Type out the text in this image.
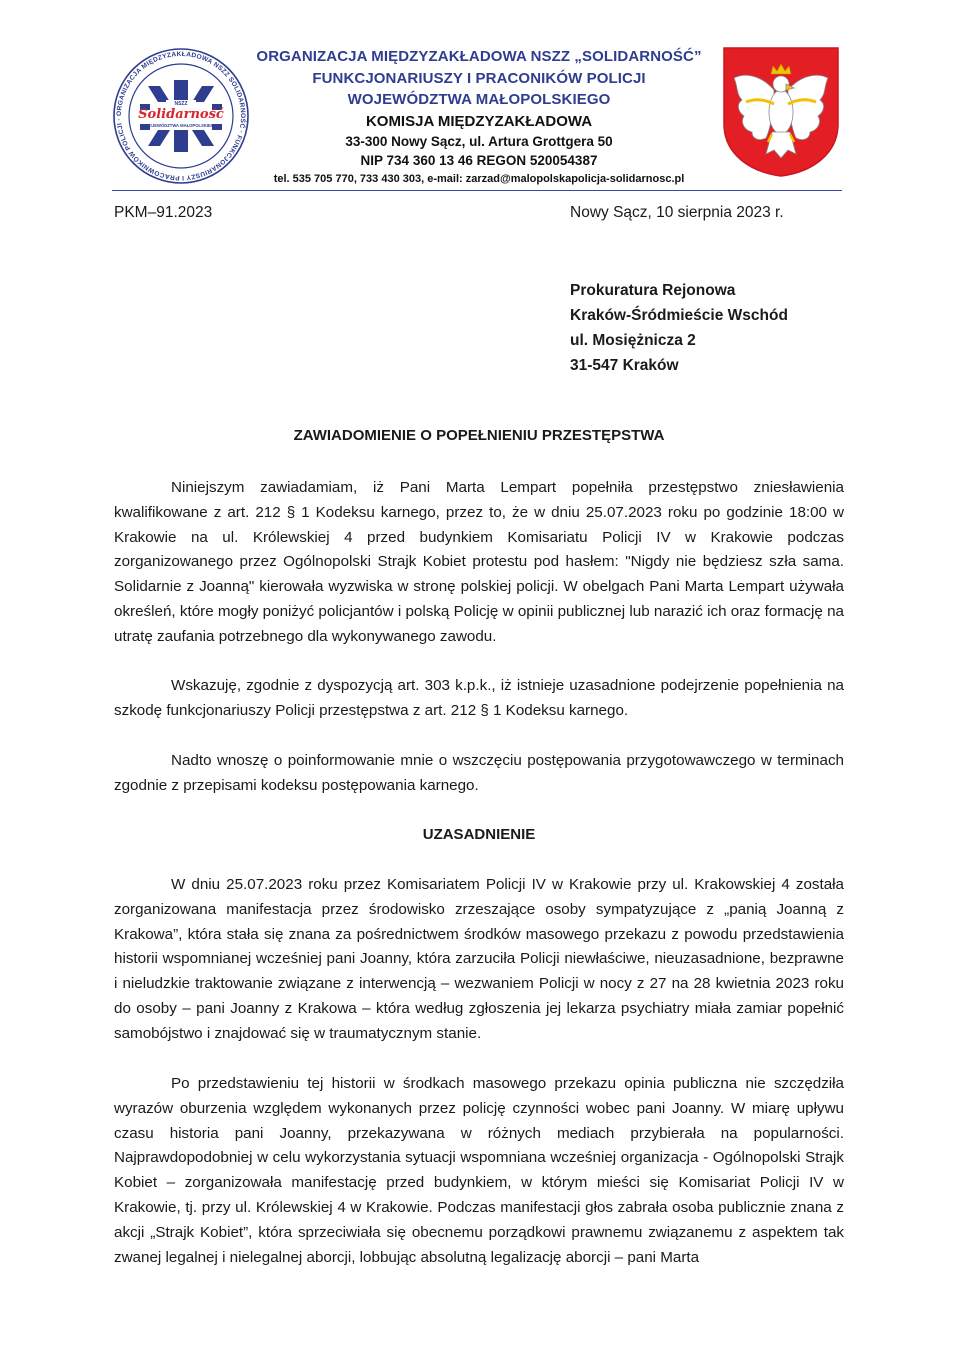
ORGANIZACJA MIĘDZYZAKŁADOWA NSZZ SOLIDARNOŚĆ · FUNKCJONARIUSZY I PRACOWNIKÓW POLICJI ·
NSZZ
Solidarność
WOJEWÓDZTWA MAŁOPOLSKIEGO
ORGANIZACJA MIĘDZYZAKŁADOWA NSZZ „SOLIDARNOŚĆ”
FUNKCJONARIUSZY I PRACONIKÓW POLICJI
WOJEWÓDZTWA MAŁOPOLSKIEGO
KOMISJA MIĘDZYZAKŁADOWA
33-300 Nowy Sącz, ul. Artura Grottgera 50
NIP 734 360 13 46 REGON 520054387
tel. 535 705 770, 733 430 303, e-mail: zarzad@malopolskapolicja-solidarnosc.pl
PKM–91.2023	Nowy Sącz, 10 sierpnia 2023 r.
Prokuratura Rejonowa
Kraków-Śródmieście Wschód
ul. Mosiężnicza 2
31-547 Kraków
ZAWIADOMIENIE O POPEŁNIENIU PRZESTĘPSTWA

Niniejszym zawiadamiam, iż Pani Marta Lempart popełniła przestępstwo zniesławienia kwalifikowane z art. 212 § 1 Kodeksu karnego, przez to, że w dniu 25.07.2023 roku po godzinie 18:00 w Krakowie na ul. Królewskiej 4 przed budynkiem Komisariatu Policji IV w Krakowie podczas zorganizowanego przez Ogólnopolski Strajk Kobiet protestu pod hasłem: "Nigdy nie będziesz szła sama. Solidarnie z Joanną" kierowała wyzwiska w stronę polskiej policji. W obelgach Pani Marta Lempart używała określeń, które mogły poniżyć policjantów i polską Policję w opinii publicznej lub narazić ich oraz formację na utratę zaufania potrzebnego dla wykonywanego zawodu.

Wskazuję, zgodnie z dyspozycją art. 303 k.p.k., iż istnieje uzasadnione podejrzenie popełnienia na szkodę funkcjonariuszy Policji przestępstwa z art. 212 § 1 Kodeksu karnego.

Nadto wnoszę o poinformowanie mnie o wszczęciu postępowania przygotowawczego w terminach zgodnie z przepisami kodeksu postępowania karnego.

UZASADNIENIE

W dniu 25.07.2023 roku przez Komisariatem Policji IV w Krakowie przy ul. Krakowskiej 4 została zorganizowana manifestacja przez środowisko zrzeszające osoby sympatyzujące z „panią Joanną z Krakowa”, która stała się znana za pośrednictwem środków masowego przekazu z powodu przedstawienia historii wspomnianej wcześniej pani Joanny, która zarzuciła Policji niewłaściwe, nieuzasadnione, bezprawne i nieludzkie traktowanie związane z interwencją – wezwaniem Policji w nocy z 27 na 28 kwietnia 2023 roku do osoby – pani Joanny z Krakowa – która według zgłoszenia jej lekarza psychiatry miała zamiar popełnić samobójstwo i znajdować się w traumatycznym stanie.

Po przedstawieniu tej historii w środkach masowego przekazu opinia publiczna nie szczędziła wyrazów oburzenia względem wykonanych przez policję czynności wobec pani Joanny. W miarę upływu czasu historia pani Joanny, przekazywana w różnych mediach przybierała na popularności. Najprawdopodobniej w celu wykorzystania sytuacji wspomniana wcześniej organizacja - Ogólnopolski Strajk Kobiet – zorganizowała manifestację przed budynkiem, w którym mieści się Komisariat Policji IV w Krakowie, tj. przy ul. Królewskiej 4 w Krakowie. Podczas manifestacji głos zabrała osoba publicznie znana z akcji „Strajk Kobiet”, która sprzeciwiała się obecnemu porządkowi prawnemu związanemu z aspektem tak zwanej legalnej i nielegalnej aborcji, lobbując absolutną legalizację aborcji – pani Marta
